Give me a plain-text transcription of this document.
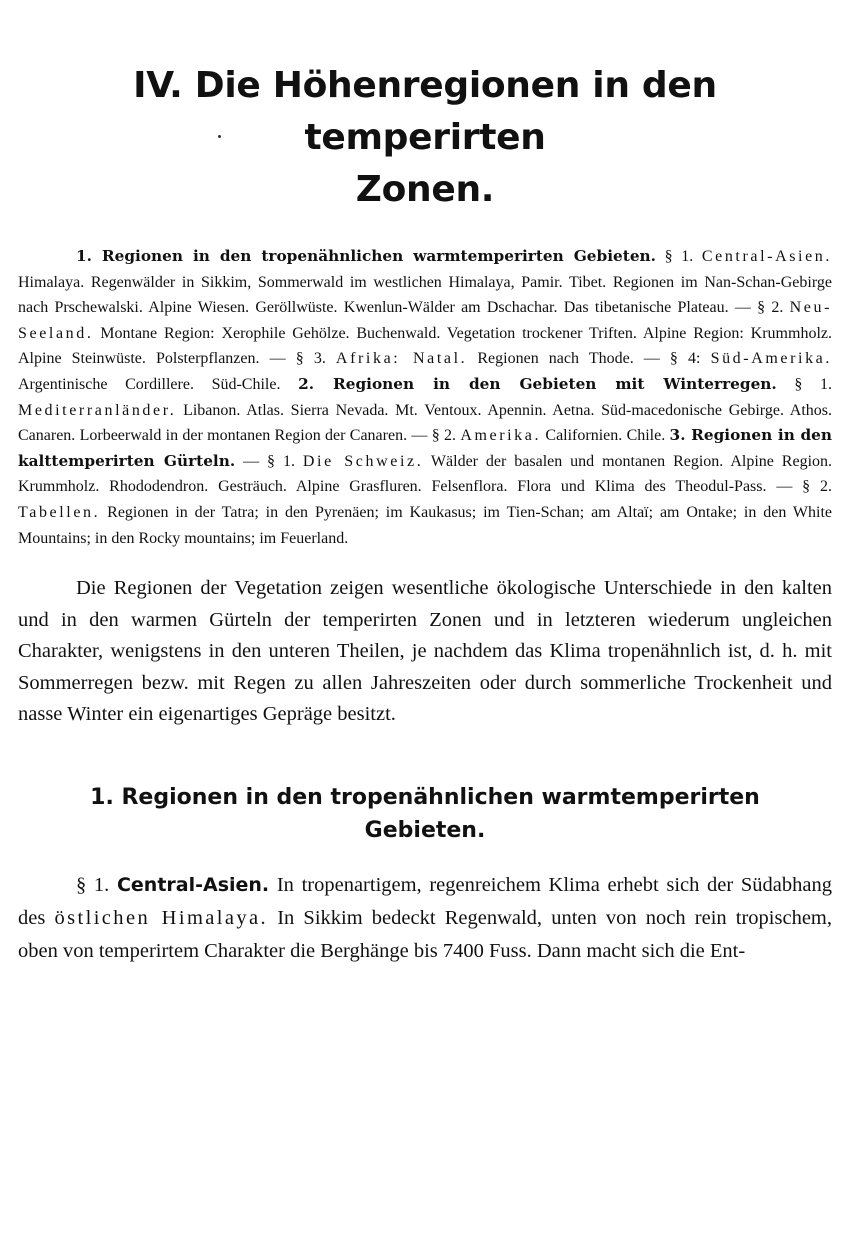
IV. Die Höhenregionen in den temperirten
Zonen.

1. Regionen in den tropenähnlichen warmtemperirten Gebieten. § 1. Central-Asien. Himalaya. Regenwälder in Sikkim, Sommerwald im westlichen Himalaya, Pamir. Tibet. Regionen im Nan-Schan-Gebirge nach Prschewalski. Alpine Wiesen. Geröllwüste. Kwenlun-Wälder am Dschachar. Das tibetanische Plateau. — § 2. Neu-Seeland. Montane Region: Xerophile Gehölze. Buchenwald. Vegetation trockener Triften. Alpine Region: Krummholz. Alpine Steinwüste. Polsterpflanzen. — § 3. Afrika: Natal. Regionen nach Thode. — § 4: Süd-Amerika. Argentinische Cordillere. Süd-Chile. 2. Regionen in den Gebieten mit Winterregen. § 1. Mediterranländer. Libanon. Atlas. Sierra Nevada. Mt. Ventoux. Apennin. Aetna. Süd-macedonische Gebirge. Athos. Canaren. Lorbeerwald in der montanen Region der Canaren. — § 2. Amerika. Californien. Chile. 3. Regionen in den kalttemperirten Gürteln. — § 1. Die Schweiz. Wälder der basalen und montanen Region. Alpine Region. Krummholz. Rhododendron. Gesträuch. Alpine Grasfluren. Felsenflora. Flora und Klima des Theodul-Pass. — § 2. Tabellen. Regionen in der Tatra; in den Pyrenäen; im Kaukasus; im Tien-Schan; am Altaï; am Ontake; in den White Mountains; in den Rocky mountains; im Feuerland.

Die Regionen der Vegetation zeigen wesentliche ökologische Unterschiede in den kalten und in den warmen Gürteln der temperirten Zonen und in letzteren wiederum ungleichen Charakter, wenigstens in den unteren Theilen, je nachdem das Klima tropenähnlich ist, d. h. mit Sommerregen bezw. mit Regen zu allen Jahreszeiten oder durch sommerliche Trockenheit und nasse Winter ein eigenartiges Gepräge besitzt.

1. Regionen in den tropenähnlichen warmtemperirten
Gebieten.

§ 1. Central-Asien. In tropenartigem, regenreichem Klima erhebt sich der Südabhang des östlichen Himalaya. In Sikkim bedeckt Regenwald, unten von noch rein tropischem, oben von temperirtem Charakter die Berghänge bis 7400 Fuss. Dann macht sich die Ent-
